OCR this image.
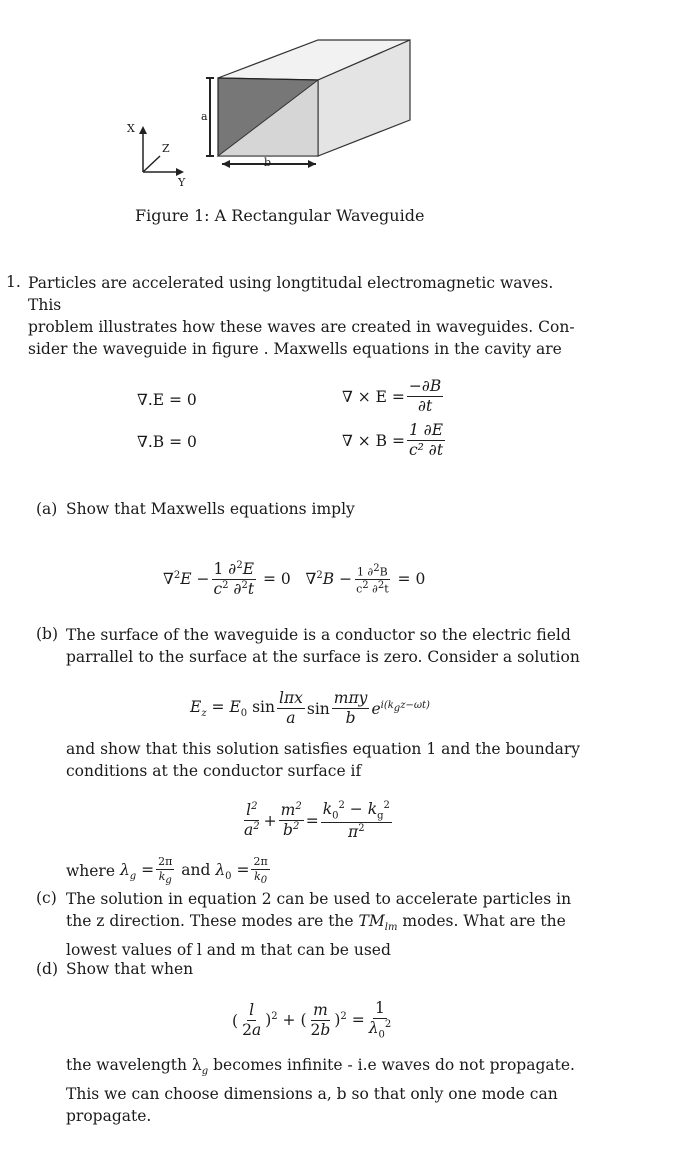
a
b
X
Z
Y
Figure 1: A Rectangular Waveguide
1. Particles are accelerated using longtitudal electromagnetic waves. This
problem illustrates how these waves are created in waveguides. Con-
sider the waveguide in figure . Maxwells equations in the cavity are
∇.E = 0
∇.B = 0
∇ × $E = \frac{-\partial B}{\partial t}$
∇ × $B = \frac{1 \partial E}{\text{c² ∂t}}$
(a) Show that Maxwells equations imply
$\nabla^2E - \frac{1 \partial^2E}{c^2 \partial^2t} = 0$   $\nabla^2B - \frac{1 \partial^2B}{c^2 \partial^2t} = 0$
(b) The surface of the waveguide is a conductor so the electric field
parrallel to the surface at the surface is zero. Consider a solution
$E_z = E_0$ $\sin \frac{\text{lπx}}{a}$ $\sin \frac{\text{mπy}}{b} e^{i(k_gz-\omega t)}$
and show that this solution satisfies equation 1 and the boundary
conditions at the conductor surface if
$\frac{l^2}{a^2} + \frac{m^2}{b^2} = \frac{k_0^2 - k_g^2}{\pi^2}$
where $\lambda_g = \frac{2\pi}{k_g}$ and $\lambda_0 = \frac{2\pi}{k_0}$
(c) The solution in equation 2 can be used to accelerate particles in
the z direction. These modes are the $TM_{lm}$ modes. What are the
lowest values of l and m that can be used
(d) Show that when
( $\frac{l}{2a} )^2$ + ( $\frac{m}{2b} )^2 = \frac{1}{\lambda_0^2}$
the wavelength $\lambda_g$ becomes infinite - i.e waves do not propagate.
This we can choose dimensions a, b so that only one mode can
propagate.
